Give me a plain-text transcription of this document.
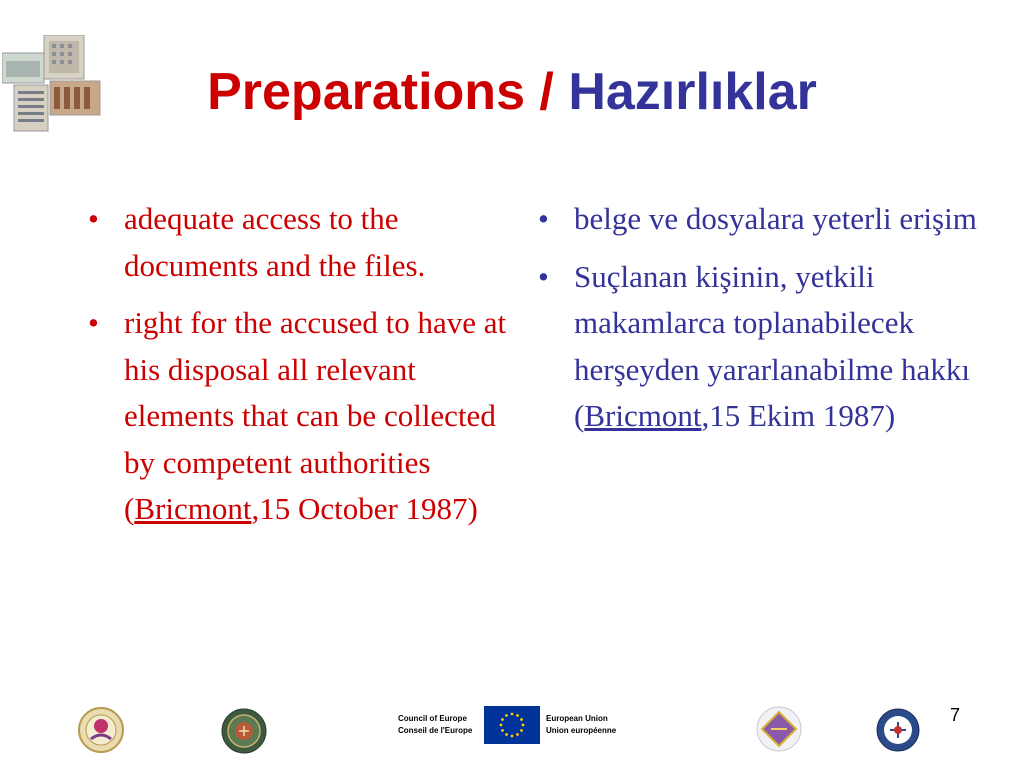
Preparations / Hazırlıklar
• adequate access to the documents and the files.
• right for the accused to have at his disposal all relevant elements that can be collected by competent authorities (Bricmont,15 October 1987)
• belge ve dosyalara yeterli erişim
• Suçlanan kişinin, yetkili makamlarca toplanabilecek herşeyden yararlanabilme hakkı (Bricmont,15 Ekim 1987)
Council of Europe
Conseil de l'Europe
European Union
Union européenne
7
